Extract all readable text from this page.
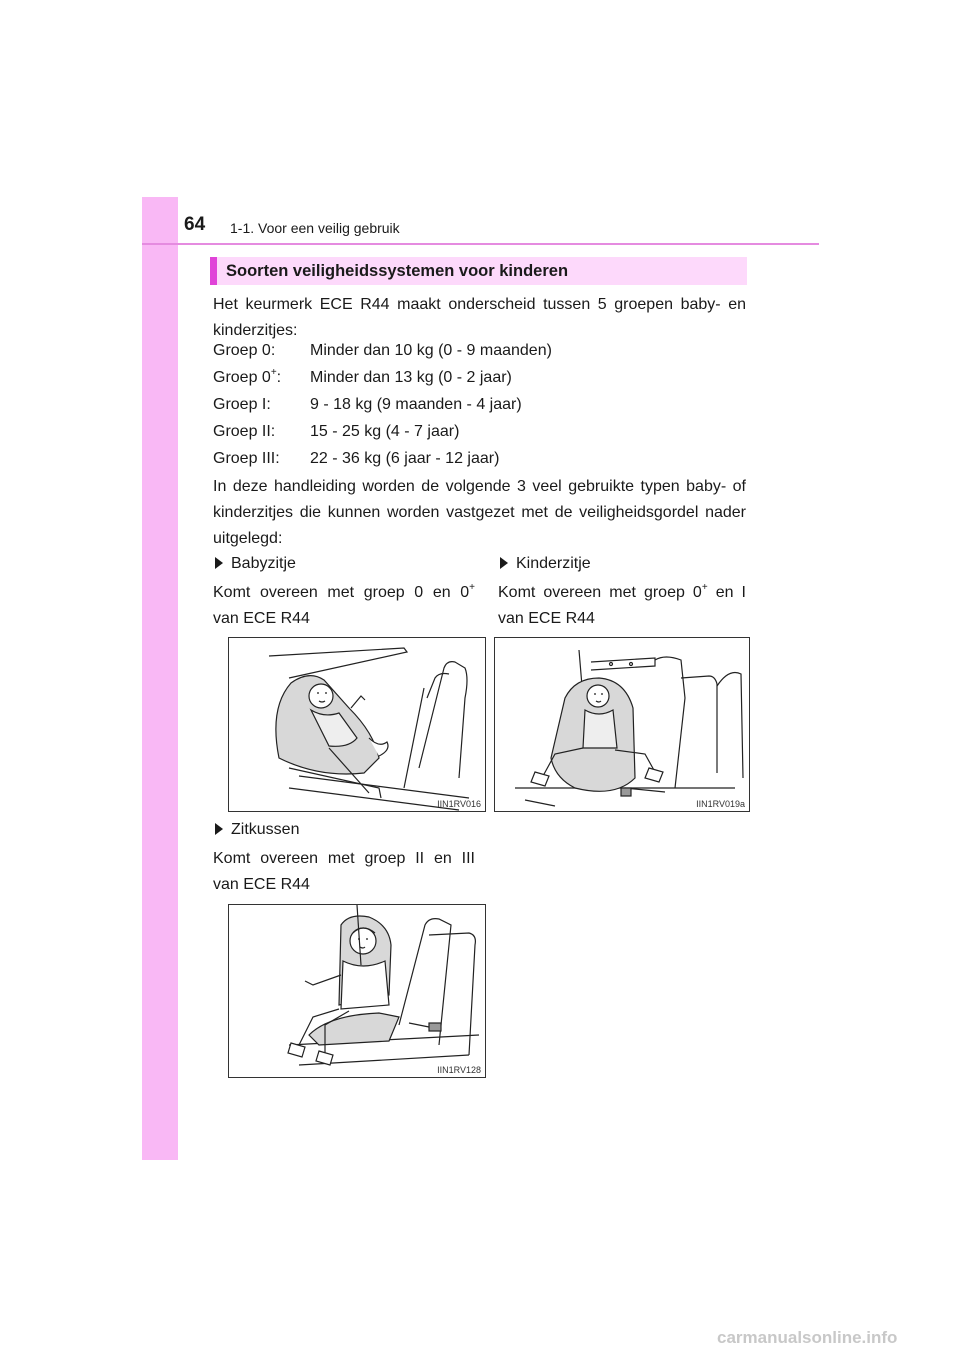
64 1-1. Voor een veilig gebruik
Soorten veiligheidssystemen voor kinderen

Het keurmerk ECE R44 maakt onderscheid tussen 5 groepen baby- en kinderzitjes:

Groep 0: Minder dan 10 kg (0 - 9 maanden)
Groep 0+: Minder dan 13 kg (0 - 2 jaar)
Groep I: 9 - 18 kg (9 maanden - 4 jaar)
Groep II: 15 - 25 kg (4 - 7 jaar)
Groep III: 22 - 36 kg (6 jaar - 12 jaar)

In deze handleiding worden de volgende 3 veel gebruikte typen baby- of kinderzitjes die kunnen worden vastgezet met de veiligheidsgordel nader uitgelegd:

Babyzitje

Komt overeen met groep 0 en 0+
van ECE R44

Kinderzitje

Komt overeen met groep 0+ en I
van ECE R44

IIN1RV016	IIN1RV019a
Zitkussen

Komt overeen met groep II en III
van ECE R44

IIN1RV128
carmanualsonline.info
